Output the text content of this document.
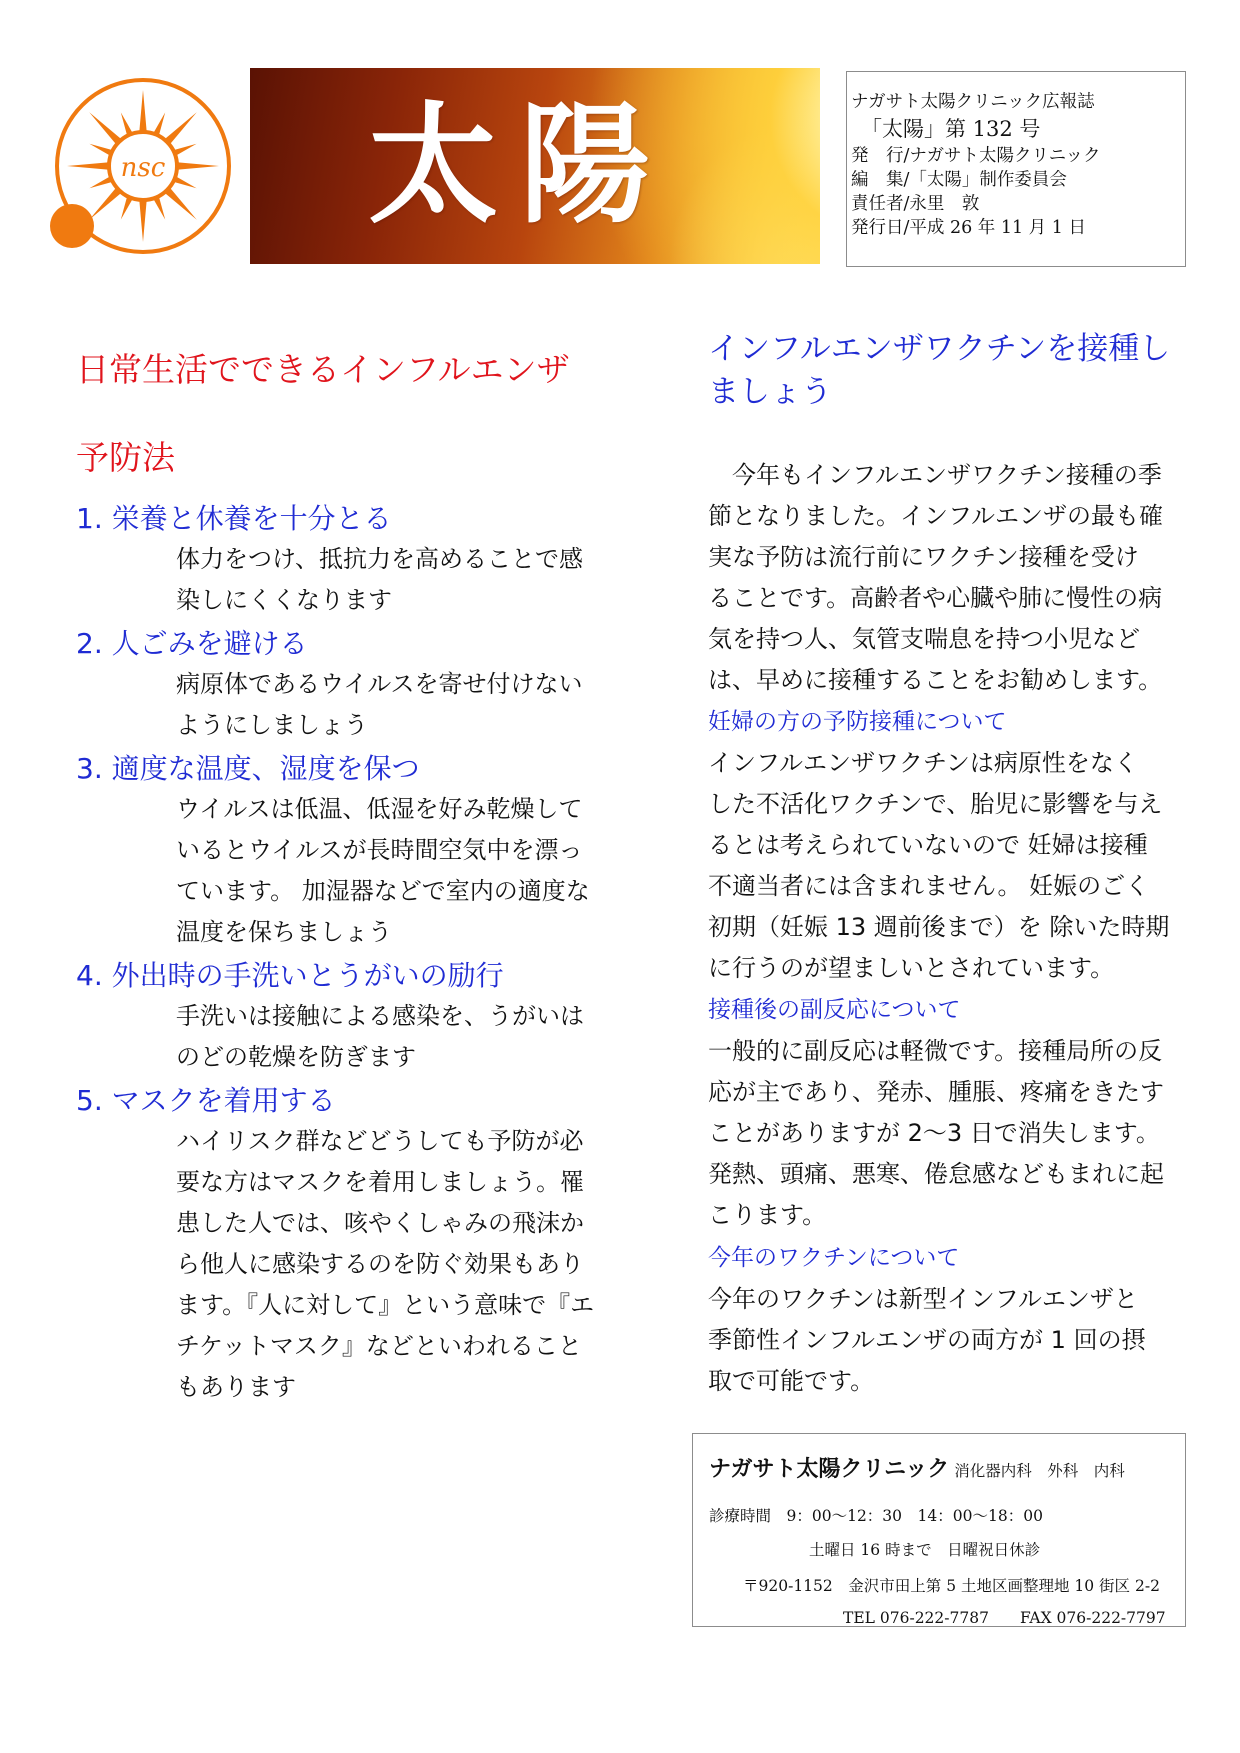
nsc 太陽	ナガサト太陽クリニック広報誌
「太陽」第 132 号
発　行/ナガサト太陽クリニック
編　集/「太陽」制作委員会
責任者/永里　敦
発行日/平成 26 年 11 月 1 日
日常生活でできるインフルエンザ
予防法
1. 栄養と休養を十分とる
体力をつけ、抵抗力を高めることで感
染しにくくなります
2. 人ごみを避ける
病原体であるウイルスを寄せ付けない
ようにしましょう
3. 適度な温度、湿度を保つ
ウイルスは低温、低湿を好み乾燥して
いるとウイルスが長時間空気中を漂っ
ています。 加湿器などで室内の適度な
温度を保ちましょう
4. 外出時の手洗いとうがいの励行
手洗いは接触による感染を、うがいは
のどの乾燥を防ぎます
5. マスクを着用する
ハイリスク群などどうしても予防が必
要な方はマスクを着用しましょう。罹
患した人では、咳やくしゃみの飛沫か
ら他人に感染するのを防ぐ効果もあり
ます。『人に対して』という意味で『エ
チケットマスク』などといわれること
もあります
インフルエンザワクチンを接種し
ましょう
　今年もインフルエンザワクチン接種の季
節となりました。インフルエンザの最も確
実な予防は流行前にワクチン接種を受け
ることです。高齢者や心臓や肺に慢性の病
気を持つ人、気管支喘息を持つ小児など
は、早めに接種することをお勧めします。
妊婦の方の予防接種について
インフルエンザワクチンは病原性をなく
した不活化ワクチンで、胎児に影響を与え
るとは考えられていないので 妊婦は接種
不適当者には含まれません。 妊娠のごく
初期（妊娠 13 週前後まで）を 除いた時期
に行うのが望ましいとされています。
接種後の副反応について
一般的に副反応は軽微です。接種局所の反
応が主であり、発赤、腫脹、疼痛をきたす
ことがありますが 2〜3 日で消失します。
発熱、頭痛、悪寒、倦怠感などもまれに起
こります。
今年のワクチンについて
今年のワクチンは新型インフルエンザと
季節性インフルエンザの両方が 1 回の摂
取で可能です。
ナガサト太陽クリニック 消化器内科　外科　内科
診療時間　9：00〜12：30　14：00〜18：00
土曜日 16 時まで　日曜祝日休診
〒920-1152　金沢市田上第 5 土地区画整理地 10 街区 2-2
TEL 076-222-7787　　FAX 076-222-7797
